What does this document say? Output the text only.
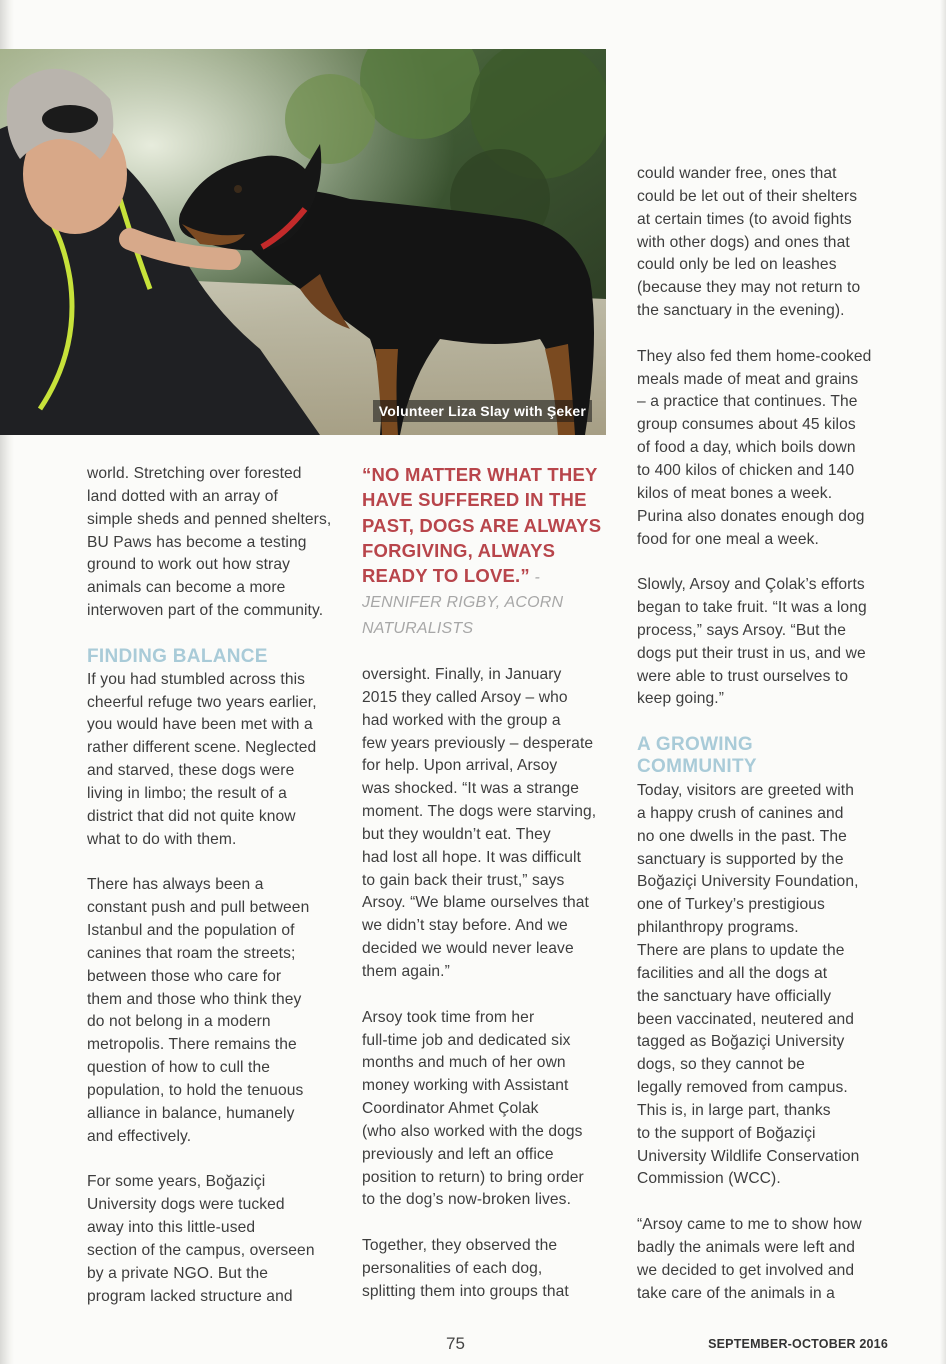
Volunteer Liza Slay with Şeker

world. Stretching over forested
land dotted with an array of
simple sheds and penned shelters,
BU Paws has become a testing
ground to work out how stray
animals can become a more
interwoven part of the community.

FINDING BALANCE

If you had stumbled across this
cheerful refuge two years earlier,
you would have been met with a
rather different scene. Neglected
and starved, these dogs were
living in limbo; the result of a
district that did not quite know
what to do with them.

There has always been a
constant push and pull between
Istanbul and the population of
canines that roam the streets;
between those who care for
them and those who think they
do not belong in a modern
metropolis. There remains the
question of how to cull the
population, to hold the tenuous
alliance in balance, humanely
and effectively.

For some years, Boğaziçi
University dogs were tucked
away into this little-used
section of the campus, overseen
by a private NGO. But the
program lacked structure and

“NO MATTER WHAT THEY HAVE SUFFERED IN THE PAST, DOGS ARE ALWAYS FORGIVING, ALWAYS READY TO LOVE.” - JENNIFER RIGBY, ACORN NATURALISTS

oversight. Finally, in January
2015 they called Arsoy – who
had worked with the group a
few years previously – desperate
for help. Upon arrival, Arsoy
was shocked. “It was a strange
moment. The dogs were starving,
but they wouldn’t eat. They
had lost all hope. It was difficult
to gain back their trust,” says
Arsoy. “We blame ourselves that
we didn’t stay before. And we
decided we would never leave
them again.”

Arsoy took time from her
full-time job and dedicated six
months and much of her own
money working with Assistant
Coordinator Ahmet Çolak
(who also worked with the dogs
previously and left an office
position to return) to bring order
to the dog’s now-broken lives.

Together, they observed the
personalities of each dog,
splitting them into groups that

could wander free, ones that
could be let out of their shelters
at certain times (to avoid fights
with other dogs) and ones that
could only be led on leashes
(because they may not return to
the sanctuary in the evening).

They also fed them home-cooked
meals made of meat and grains
– a practice that continues. The
group consumes about 45 kilos
of food a day, which boils down
to 400 kilos of chicken and 140
kilos of meat bones a week.
Purina also donates enough dog
food for one meal a week.

Slowly, Arsoy and Çolak’s efforts
began to take fruit. “It was a long
process,” says Arsoy. “But the
dogs put their trust in us, and we
were able to trust ourselves to
keep going.”

A GROWING COMMUNITY

Today, visitors are greeted with
a happy crush of canines and
no one dwells in the past. The
sanctuary is supported by the
Boğaziçi University Foundation,
one of Turkey’s prestigious
philanthropy programs.
There are plans to update the
facilities and all the dogs at
the sanctuary have officially
been vaccinated, neutered and
tagged as Boğaziçi University
dogs, so they cannot be
legally removed from campus.
This is, in large part, thanks
to the support of Boğaziçi
University Wildlife Conservation
Commission (WCC).

“Arsoy came to me to show how
badly the animals were left and
we decided to get involved and
take care of the animals in a

75	SEPTEMBER-OCTOBER 2016
